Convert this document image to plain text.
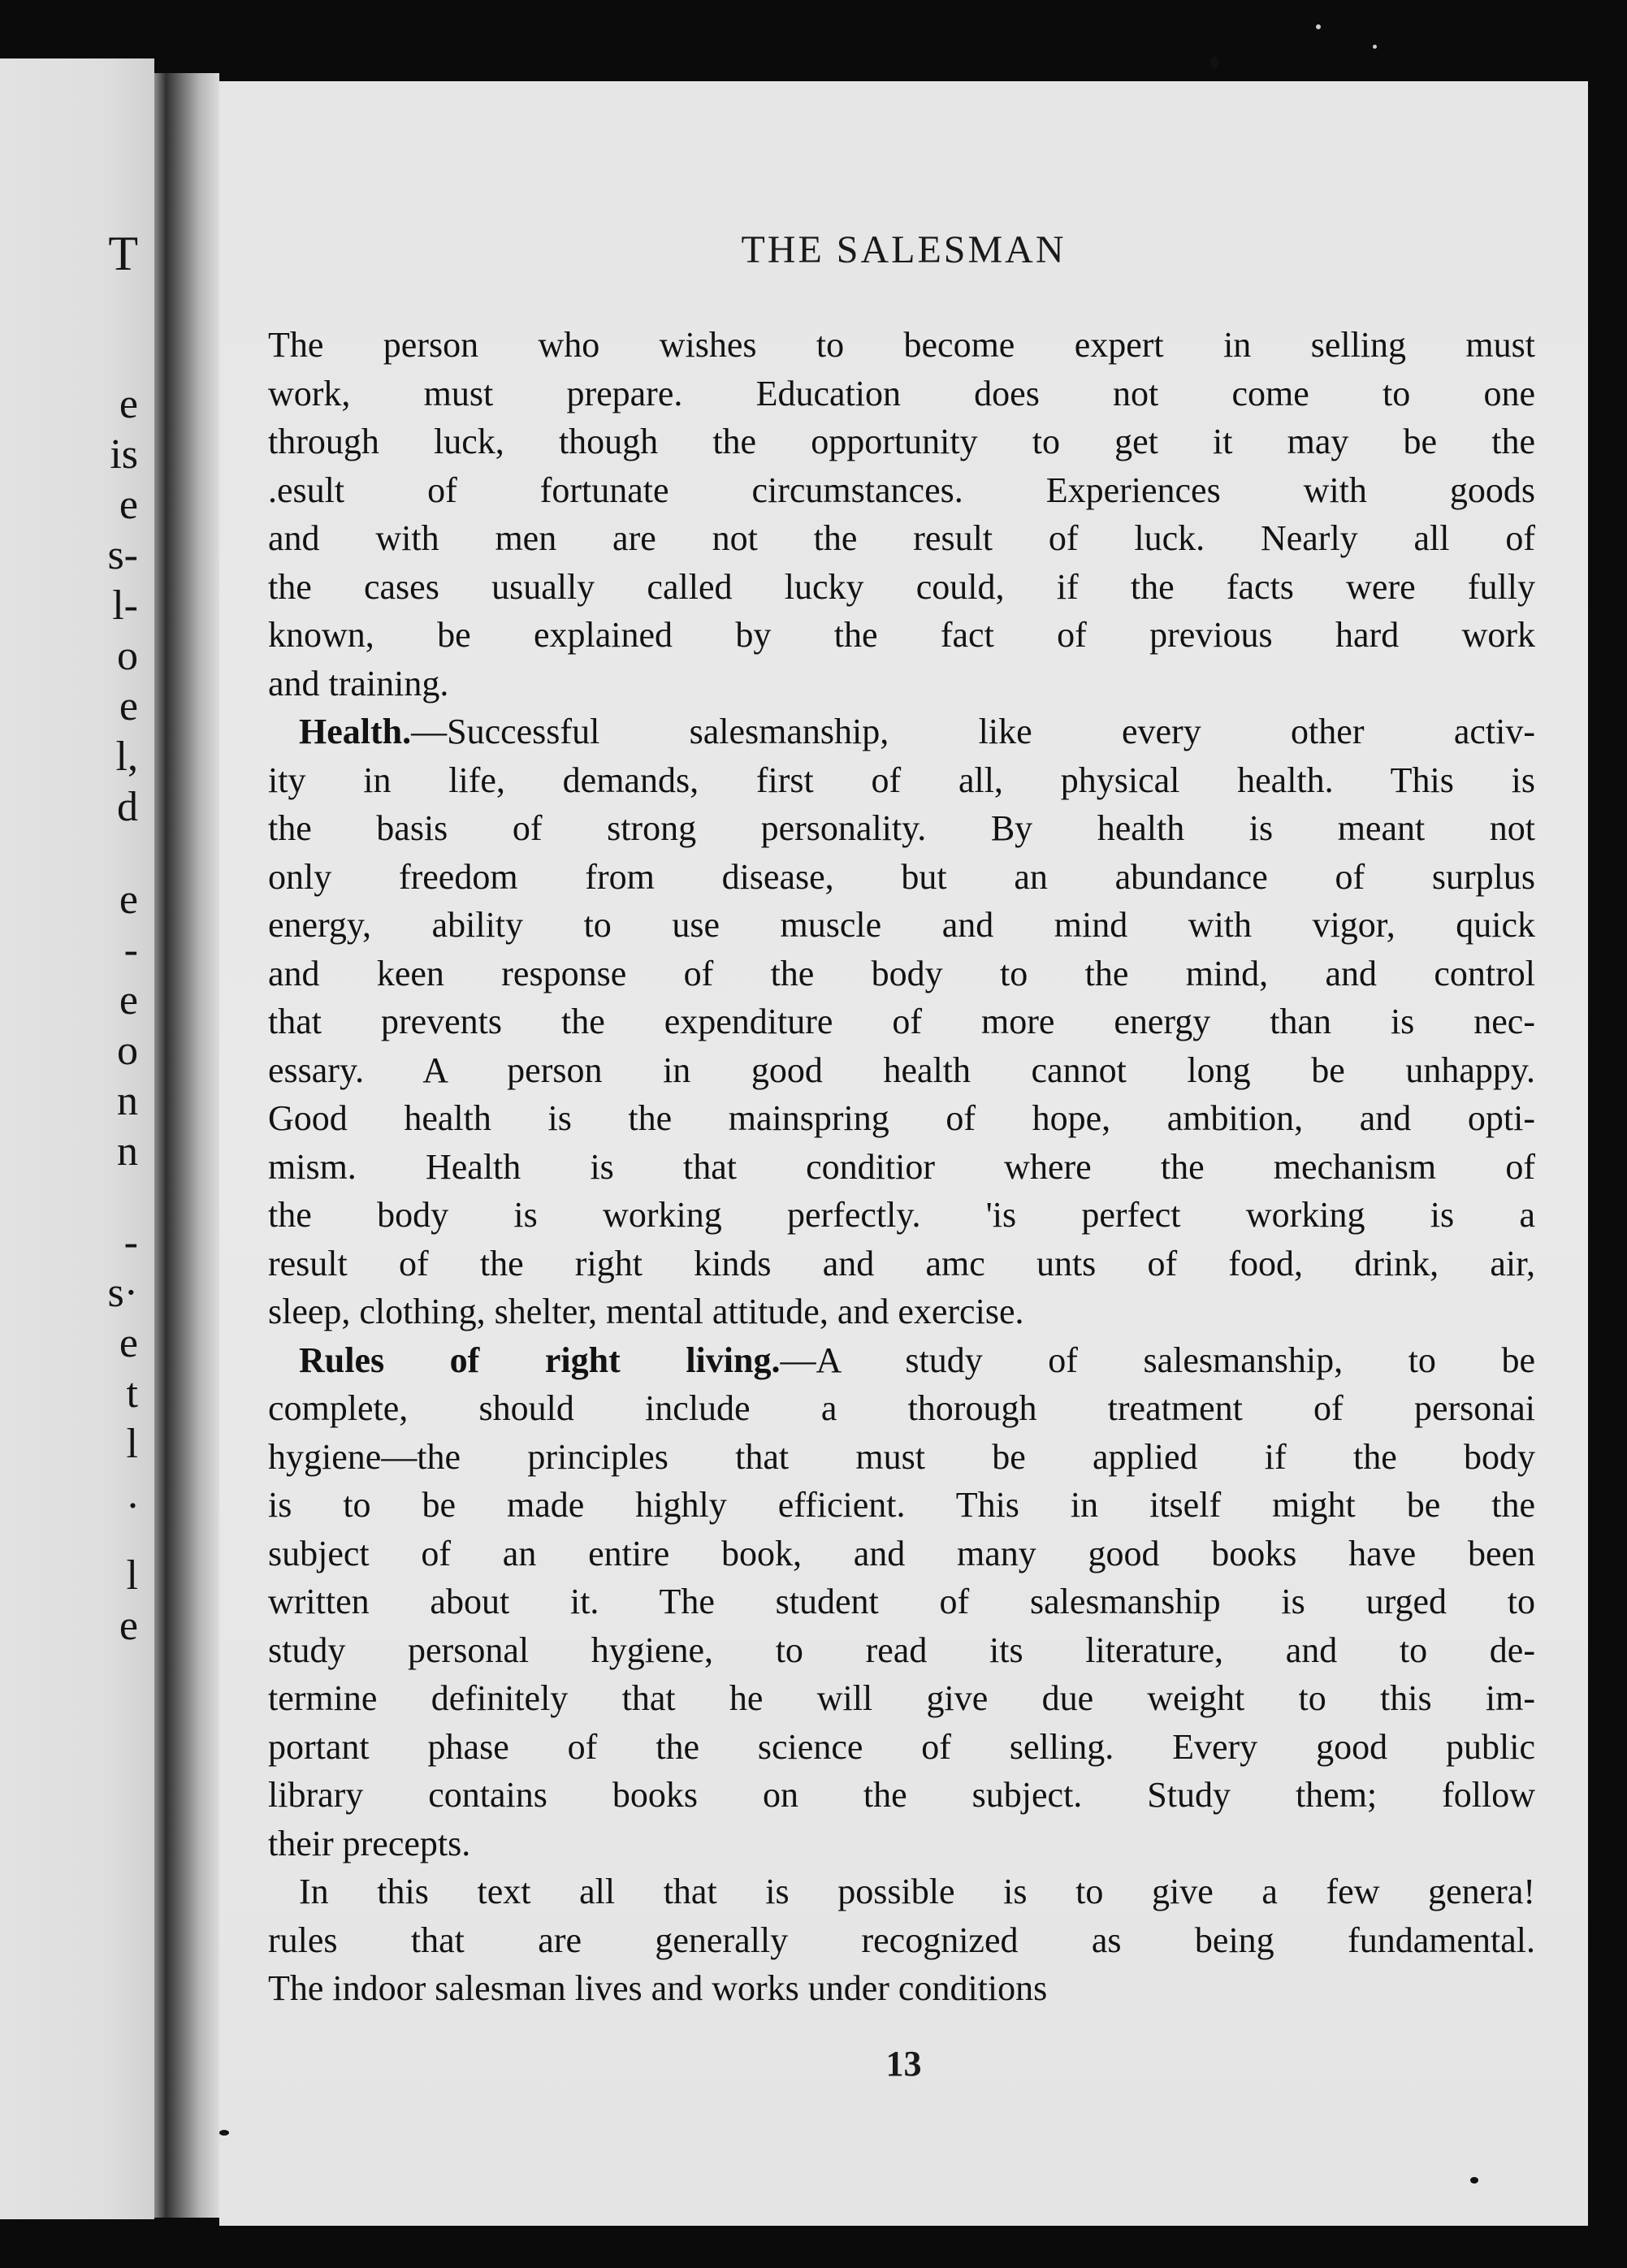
T
e
is
e
s-
l-
o
e
l,
d
e
-
e
o
n
n
-
s·
e
t
l
.
l
e
THE SALESMAN
The person who wishes to become expert in selling must
work, must prepare. Education does not come to one
through luck, though the opportunity to get it may be the
.esult of fortunate circumstances. Experiences with goods
and with men are not the result of luck. Nearly all of
the cases usually called lucky could, if the facts were fully
known, be explained by the fact of previous hard work
and training.
Health.—Successful salesmanship, like every other activ-
ity in life, demands, first of all, physical health. This is
the basis of strong personality. By health is meant not
only freedom from disease, but an abundance of surplus
energy, ability to use muscle and mind with vigor, quick
and keen response of the body to the mind, and control
that prevents the expenditure of more energy than is nec-
essary. A person in good health cannot long be unhappy.
Good health is the mainspring of hope, ambition, and opti-
mism. Health is that conditior where the mechanism of
the body is working perfectly. 'is perfect working is a
result of the right kinds and amc unts of food, drink, air,
sleep, clothing, shelter, mental attitude, and exercise.
Rules of right living.—A study of salesmanship, to be
complete, should include a thorough treatment of personai
hygiene—the principles that must be applied if the body
is to be made highly efficient. This in itself might be the
subject of an entire book, and many good books have been
written about it. The student of salesmanship is urged to
study personal hygiene, to read its literature, and to de-
termine definitely that he will give due weight to this im-
portant phase of the science of selling. Every good public
library contains books on the subject. Study them; follow
their precepts.
In this text all that is possible is to give a few genera!
rules that are generally recognized as being fundamental.
The indoor salesman lives and works under conditions
13
